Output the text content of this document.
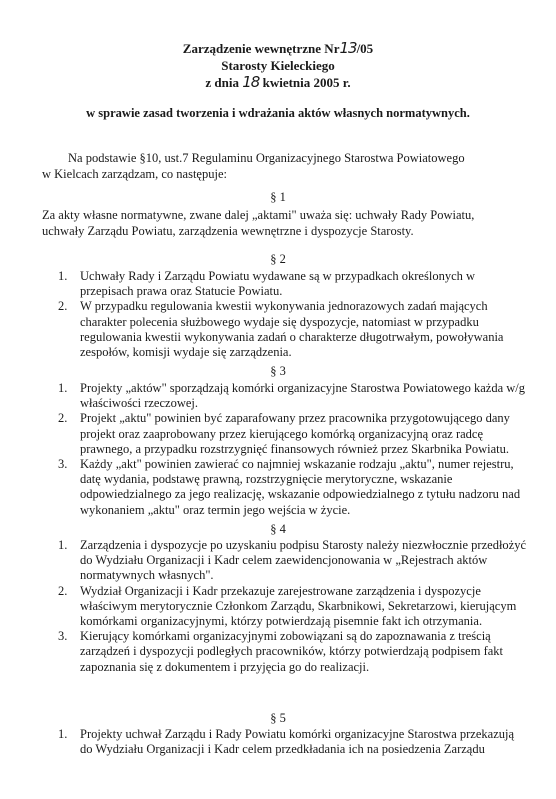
Zarządzenie wewnętrzne Nr13/05
Starosty Kieleckiego
z dnia 18 kwietnia 2005 r.
w sprawie zasad tworzenia i wdrażania aktów własnych normatywnych.
Na podstawie §10, ust.7 Regulaminu Organizacyjnego Starostwa Powiatowego
w Kielcach zarządzam, co następuje:
§ 1
Za akty własne normatywne, zwane dalej „aktami" uważa się: uchwały Rady Powiatu, uchwały Zarządu Powiatu, zarządzenia wewnętrzne i dyspozycje Starosty.
§ 2
1. Uchwały Rady i Zarządu Powiatu wydawane są w przypadkach określonych w przepisach prawa oraz Statucie Powiatu.
2. W przypadku regulowania kwestii wykonywania jednorazowych zadań mających charakter polecenia służbowego wydaje się dyspozycje, natomiast w przypadku regulowania kwestii wykonywania zadań o charakterze długotrwałym, powoływania zespołów, komisji wydaje się zarządzenia.
§ 3
1. Projekty „aktów" sporządzają komórki organizacyjne Starostwa Powiatowego każda w/g właściwości rzeczowej.
2. Projekt „aktu" powinien być zaparafowany przez pracownika przygotowującego dany projekt oraz zaaprobowany przez kierującego komórką organizacyjną oraz radcę prawnego, a przypadku rozstrzygnięć finansowych również przez Skarbnika Powiatu.
3. Każdy „akt" powinien zawierać co najmniej wskazanie rodzaju „aktu", numer rejestru, datę wydania, podstawę prawną, rozstrzygnięcie merytoryczne, wskazanie odpowiedzialnego za jego realizację, wskazanie odpowiedzialnego z tytułu nadzoru nad wykonaniem „aktu" oraz termin jego wejścia w życie.
§ 4
1. Zarządzenia i dyspozycje po uzyskaniu podpisu Starosty należy niezwłocznie przedłożyć do Wydziału Organizacji i Kadr celem zaewidencjonowania w „Rejestrach aktów normatywnych własnych".
2. Wydział Organizacji i Kadr przekazuje zarejestrowane zarządzenia i dyspozycje właściwym merytorycznie Członkom Zarządu, Skarbnikowi, Sekretarzowi, kierującym komórkami organizacyjnymi, którzy potwierdzają pisemnie fakt ich otrzymania.
3. Kierujący komórkami organizacyjnymi zobowiązani są do zapoznawania z treścią zarządzeń i dyspozycji podległych pracowników, którzy potwierdzają podpisem fakt zapoznania się z dokumentem i przyjęcia go do realizacji.
§ 5
1. Projekty uchwał Zarządu i Rady Powiatu komórki organizacyjne Starostwa przekazują do Wydziału Organizacji i Kadr celem przedkładania ich na posiedzenia Zarządu
